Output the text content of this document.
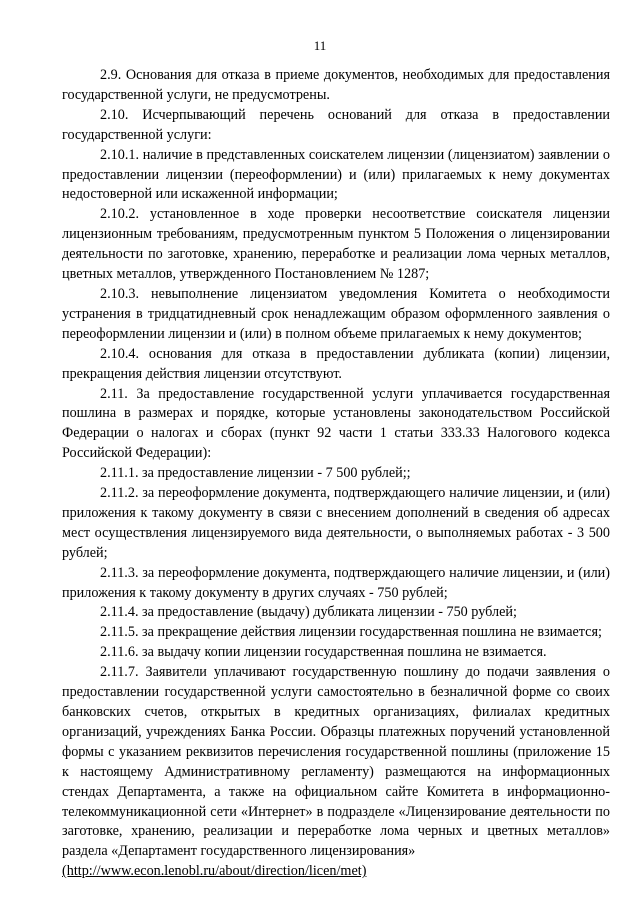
11

2.9. Основания для отказа в приеме документов, необходимых для предоставления государственной услуги, не предусмотрены.

2.10. Исчерпывающий перечень оснований для отказа в предоставлении государственной услуги:

2.10.1. наличие в представленных соискателем лицензии (лицензиатом) заявлении о предоставлении лицензии (переоформлении) и (или) прилагаемых к нему документах недостоверной или искаженной информации;

2.10.2. установленное в ходе проверки несоответствие соискателя лицензии лицензионным требованиям, предусмотренным пунктом 5 Положения о лицензировании деятельности по заготовке, хранению, переработке и реализации лома черных металлов, цветных металлов, утвержденного Постановлением № 1287;

2.10.3. невыполнение лицензиатом уведомления Комитета о необходимости устранения в тридцатидневный срок ненадлежащим образом оформленного заявления о переоформлении лицензии и (или) в полном объеме прилагаемых к нему документов;

2.10.4. основания для отказа в предоставлении дубликата (копии) лицензии, прекращения действия лицензии отсутствуют.

2.11. За предоставление государственной услуги уплачивается государственная пошлина в размерах и порядке, которые установлены законодательством Российской Федерации о налогах и сборах (пункт 92 части 1 статьи 333.33 Налогового кодекса Российской Федерации):

2.11.1. за предоставление лицензии - 7 500 рублей;;

2.11.2. за переоформление документа, подтверждающего наличие лицензии, и (или) приложения к такому документу в связи с внесением дополнений в сведения об адресах мест осуществления лицензируемого вида деятельности, о выполняемых работах - 3 500 рублей;

2.11.3. за переоформление документа, подтверждающего наличие лицензии, и (или) приложения к такому документу в других случаях - 750 рублей;

2.11.4. за предоставление (выдачу) дубликата лицензии - 750 рублей;

2.11.5. за прекращение действия лицензии государственная пошлина не взимается;

2.11.6. за выдачу копии лицензии государственная пошлина не взимается.

2.11.7. Заявители уплачивают государственную пошлину до подачи заявления о предоставлении государственной услуги самостоятельно в безналичной форме со своих банковских счетов, открытых в кредитных организациях, филиалах кредитных организаций, учреждениях Банка России. Образцы платежных поручений установленной формы с указанием реквизитов перечисления государственной пошлины (приложение 15 к настоящему Административному регламенту) размещаются на информационных стендах Департамента, а также на официальном сайте Комитета в информационно-телекоммуникационной сети «Интернет» в подразделе «Лицензирование деятельности по заготовке, хранению, реализации и переработке лома черных и цветных металлов» раздела «Департамент государственного лицензирования»

(http://www.econ.lenobl.ru/about/direction/licen/met)
